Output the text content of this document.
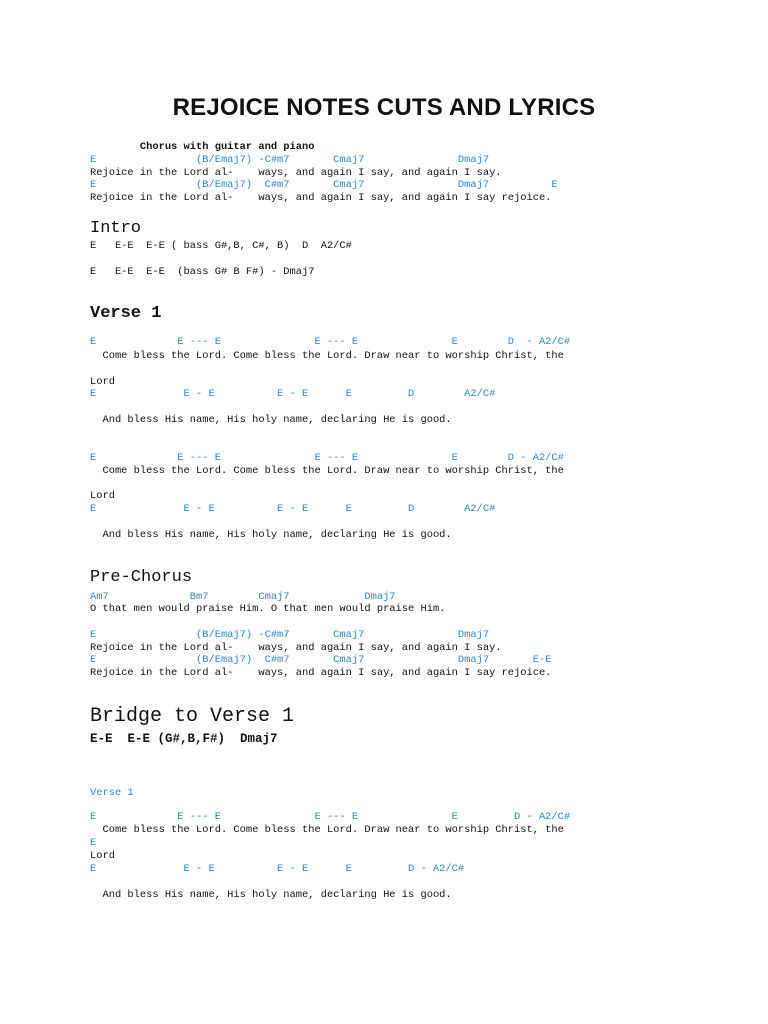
REJOICE NOTES CUTS AND LYRICS
Chorus with guitar and piano
E                (B/Emaj7) -C#m7       Cmaj7               Dmaj7
Rejoice in the Lord al-    ways, and again I say, and again I say.
E                (B/Emaj7)  C#m7       Cmaj7               Dmaj7          E
Rejoice in the Lord al-    ways, and again I say, and again I say rejoice.
Intro
E   E-E  E-E ( bass G#,B, C#, B)  D  A2/C#
E   E-E  E-E  (bass G# B F#) - Dmaj7
Verse 1
E             E --- E               E --- E               E        D  - A2/C#
Come bless the Lord. Come bless the Lord. Draw near to worship Christ, the
Lord
E              E - E          E - E      E         D        A2/C#
And bless His name, His holy name, declaring He is good.
E             E --- E               E --- E               E        D - A2/C#
Come bless the Lord. Come bless the Lord. Draw near to worship Christ, the
Lord
E              E - E          E - E      E         D        A2/C#
And bless His name, His holy name, declaring He is good.
Pre-Chorus
Am7             Bm7        Cmaj7            Dmaj7
O that men would praise Him. O that men would praise Him.
E                (B/Emaj7) -C#m7       Cmaj7               Dmaj7
Rejoice in the Lord al-    ways, and again I say, and again I say.
E                (B/Emaj7)  C#m7       Cmaj7               Dmaj7       E-E
Rejoice in the Lord al-    ways, and again I say, and again I say rejoice.
Bridge to Verse 1
E-E  E-E (G#,B,F#)  Dmaj7
Verse 1
E             E --- E               E --- E               E         D - A2/C#
Come bless the Lord. Come bless the Lord. Draw near to worship Christ, the
E
Lord
E              E - E          E - E      E         D - A2/C#
And bless His name, His holy name, declaring He is good.
